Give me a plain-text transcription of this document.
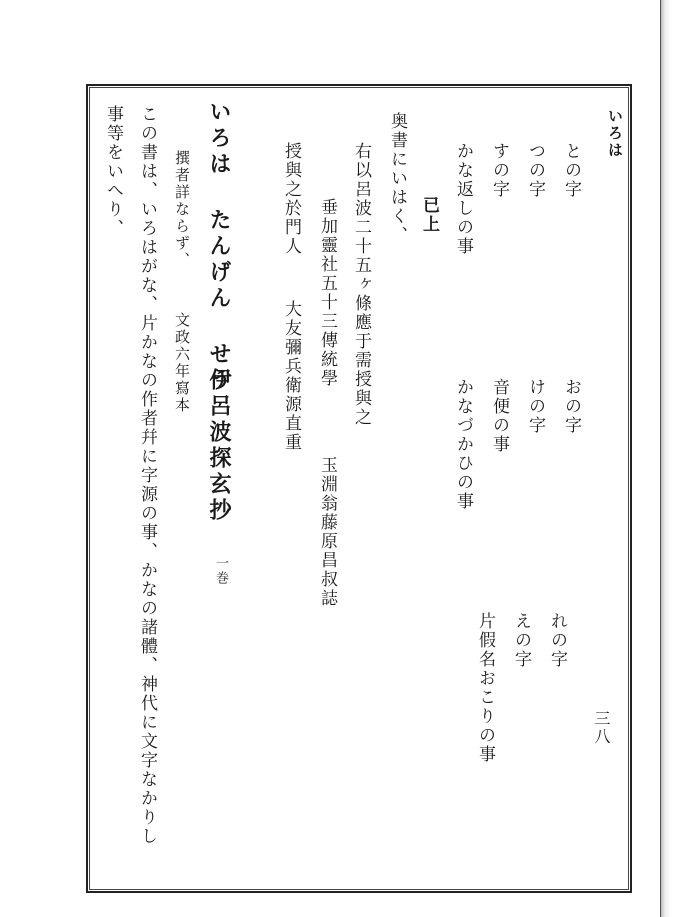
いろは
三八
との字
つの字
すの字
かな返しの事
已上
おの字
けの字
音便の事
かなづかひの事
れの字
えの字
片假名おこりの事
奥書にいはく、
右以呂波二十五ヶ條應于需授與之
垂加靈社五十三傳統學
玉淵翁藤原昌叔誌
授與之於門人
大友彌兵衛源直重
いろは たんげん せう
伊呂波探玄抄
一巻
撰者詳ならず、
文政六年寫本
この書は、いろはがな、片かなの作者幷に字源の事、かなの諸體、神代に文字なかりし
事等をいへり、
